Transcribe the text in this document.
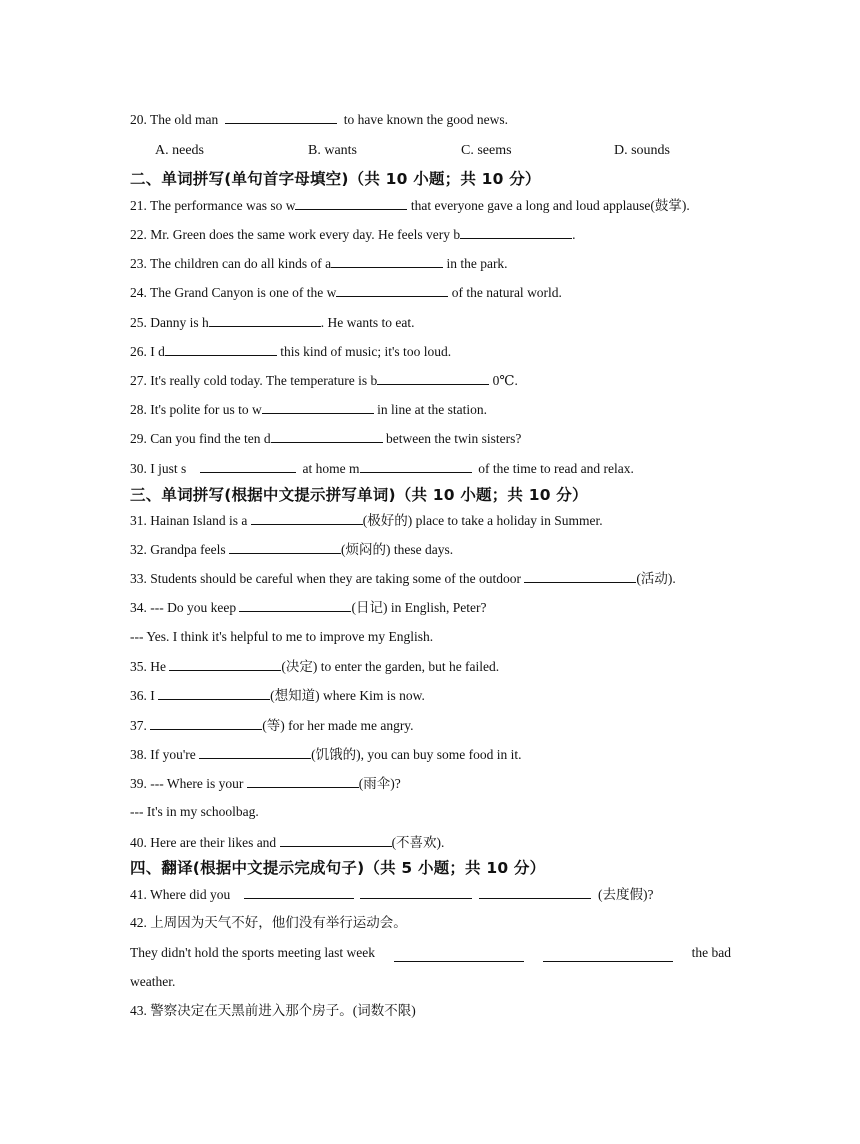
20. The old man	to have known the good news.
A. needs	B. wants	C. seems	D. sounds
二、单词拼写(单句首字母填空)（共 10 小题；共 10 分）
21. The performance was so w	that everyone gave a long and loud applause(鼓掌).
22. Mr. Green does the same work every day. He feels very b	.
23. The children can do all kinds of a	in the park.
24. The Grand Canyon is one of the w	of the natural world.
25. Danny is h	. He wants to eat.
26. I d	this kind of music; it's too loud.
27. It's really cold today. The temperature is b	0℃.
28. It's polite for us to w	in line at the station.
29. Can you find the ten d	between the twin sisters?
30. I just s	at home m	of the time to read and relax.
三、单词拼写(根据中文提示拼写单词)（共 10 小题；共 10 分）
31. Hainan Island is a	(极好的) place to take a holiday in Summer.
32. Grandpa feels	(烦闷的) these days.
33. Students should be careful when they are taking some of the outdoor	(活动).
34. --- Do you keep	(日记) in English, Peter?
--- Yes. I think it's helpful to me to improve my English.
35. He	(决定) to enter the garden, but he failed.
36. I	(想知道) where Kim is now.
37.	(等) for her made me angry.
38. If you're	(饥饿的), you can buy some food in it.
39. --- Where is your	(雨伞)?
--- It's in my schoolbag.
40. Here are their likes and	(不喜欢).
四、翻译(根据中文提示完成句子)（共 5 小题；共 10 分）
41. Where did you	(去度假)?
42. 上周因为天气不好，他们没有举行运动会。
They didn't hold the sports meeting last week	the bad
weather.
43. 警察决定在天黑前进入那个房子。(词数不限)
